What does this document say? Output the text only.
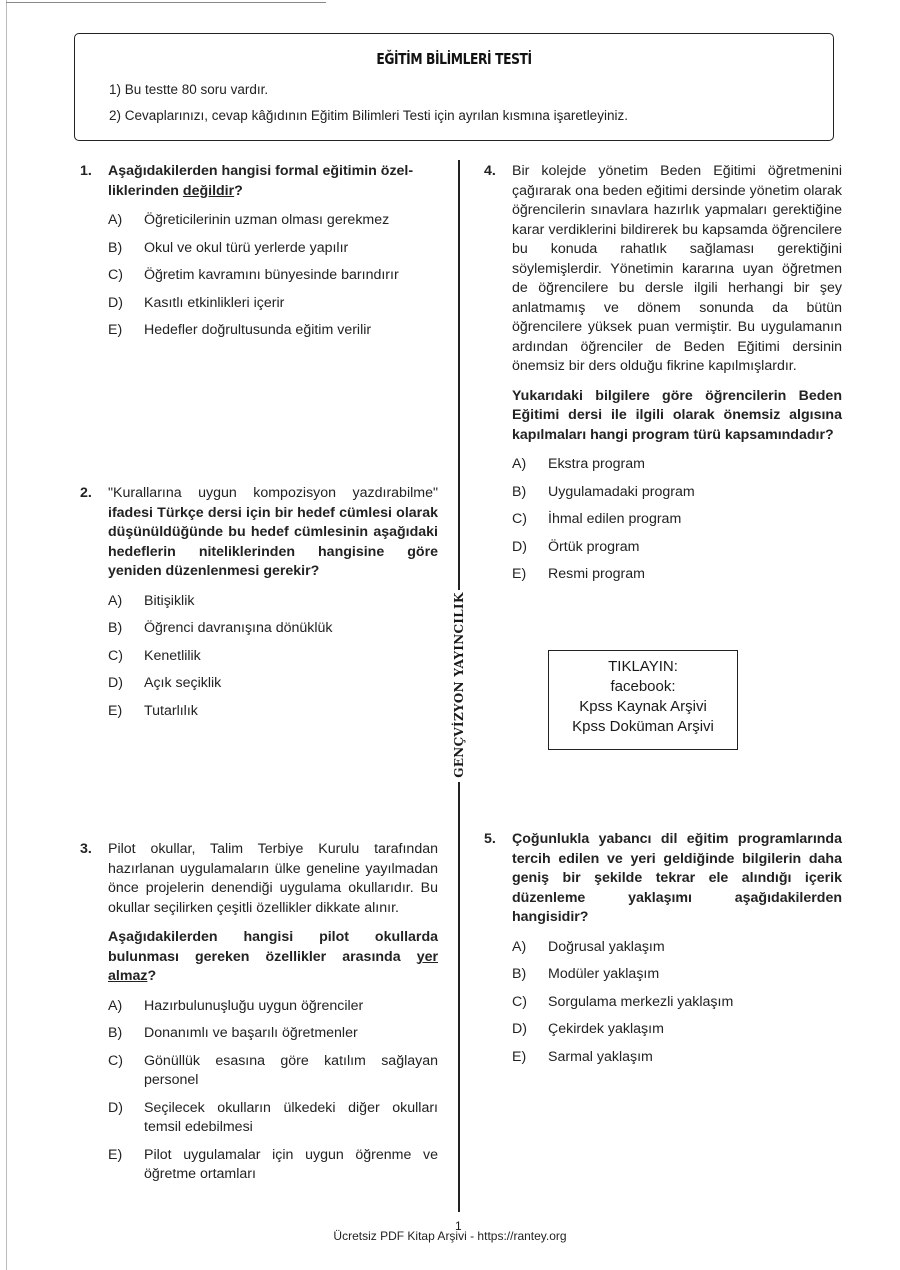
EĞİTİM BİLİMLERİ TESTİ
1) Bu testte 80 soru vardır.
2) Cevaplarınızı, cevap kâğıdının Eğitim Bilimleri Testi için ayrılan kısmına işaretleyiniz.
GENÇVİZYON YAYINCILIK
1. Aşağıdakilerden hangisi formal eğitimin özel-
liklerinden değildir?

A) Öğreticilerinin uzman olması gerekmez
B) Okul ve okul türü yerlerde yapılır
C) Öğretim kavramını bünyesinde barındırır
D) Kasıtlı etkinlikleri içerir
E) Hedefler doğrultusunda eğitim verilir
2. "Kurallarına uygun kompozisyon yazdırabilme" ifadesi Türkçe dersi için bir hedef cümlesi olarak düşünüldüğünde bu hedef cümlesinin aşağıdaki hedeflerin niteliklerinden hangisine göre yeniden düzenlenmesi gerekir?

A) Bitişiklik
B) Öğrenci davranışına dönüklük
C) Kenetlilik
D) Açık seçiklik
E) Tutarlılık
3. Pilot okullar, Talim Terbiye Kurulu tarafından hazırlanan uygulamaların ülke geneline yayılmadan önce projelerin denendiği uygulama okullarıdır. Bu okullar seçilirken çeşitli özellikler dikkate alınır.

Aşağıdakilerden hangisi pilot okullarda bulunması gereken özellikler arasında yer almaz?

A) Hazırbulunuşluğu uygun öğrenciler
B) Donanımlı ve başarılı öğretmenler
C) Gönüllük esasına göre katılım sağlayan personel
D) Seçilecek okulların ülkedeki diğer okulları temsil edebilmesi
E) Pilot uygulamalar için uygun öğrenme ve öğretme ortamları
4. Bir kolejde yönetim Beden Eğitimi öğretmenini çağırarak ona beden eğitimi dersinde yönetim olarak öğrencilerin sınavlara hazırlık yapmaları gerektiğine karar verdiklerini bildirerek bu kapsamda öğrencilere bu konuda rahatlık sağlaması gerektiğini söylemişlerdir. Yönetimin kararına uyan öğretmen de öğrencilere bu dersle ilgili herhangi bir şey anlatmamış ve dönem sonunda da bütün öğrencilere yüksek puan vermiştir. Bu uygulamanın ardından öğrenciler de Beden Eğitimi dersinin önemsiz bir ders olduğu fikrine kapılmışlardır.

Yukarıdaki bilgilere göre öğrencilerin Beden Eğitimi dersi ile ilgili olarak önemsiz algısına kapılmaları hangi program türü kapsamındadır?

A) Ekstra program
B) Uygulamadaki program
C) İhmal edilen program
D) Örtük program
E) Resmi program
5. Çoğunlukla yabancı dil eğitim programlarında tercih edilen ve yeri geldiğinde bilgilerin daha geniş bir şekilde tekrar ele alındığı içerik düzenleme yaklaşımı aşağıdakilerden hangisidir?

A) Doğrusal yaklaşım
B) Modüler yaklaşım
C) Sorgulama merkezli yaklaşım
D) Çekirdek yaklaşım
E) Sarmal yaklaşım
TIKLAYIN:
facebook:
Kpss Kaynak Arşivi
Kpss Doküman Arşivi
1
Ücretsiz PDF Kitap Arşivi - https://rantey.org
